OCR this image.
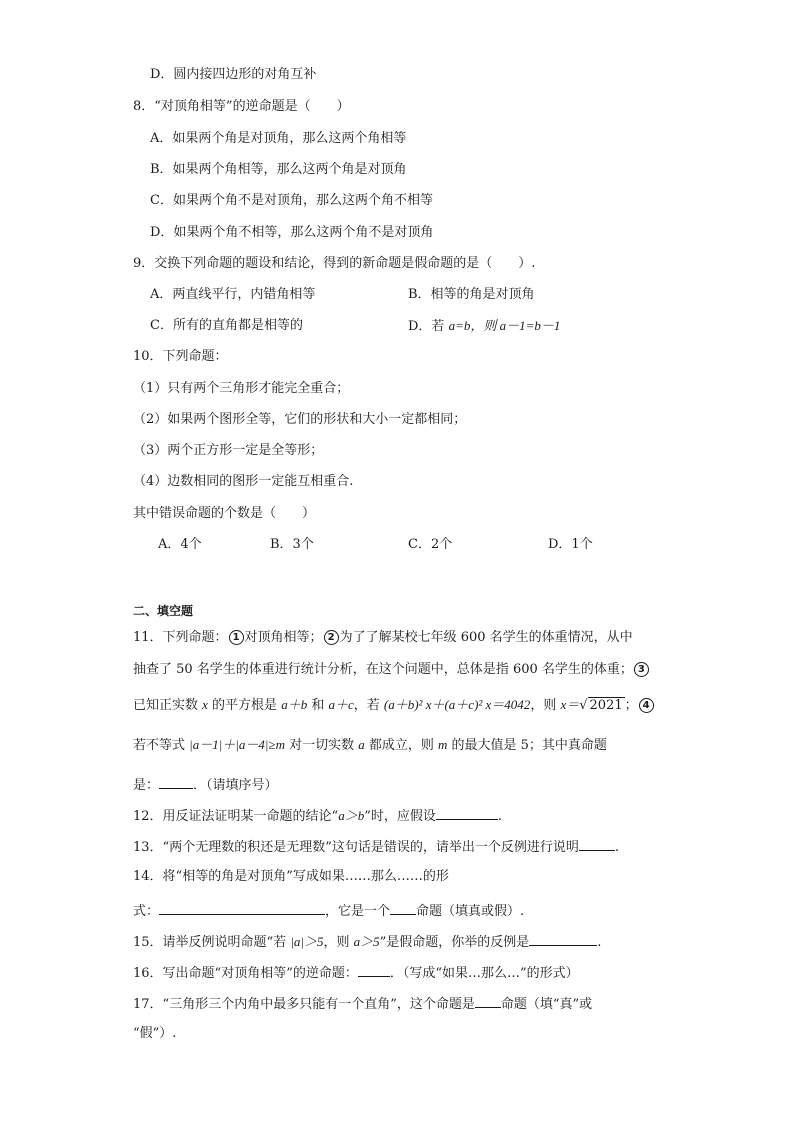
D．圆内接四边形的对角互补
8．“对顶角相等”的逆命题是（　　）
A．如果两个角是对顶角，那么这两个角相等
B．如果两个角相等，那么这两个角是对顶角
C．如果两个角不是对顶角，那么这两个角不相等
D．如果两个角不相等，那么这两个角不是对顶角
9．交换下列命题的题设和结论，得到的新命题是假命题的是（　　）.
A．两直线平行，内错角相等	B．相等的角是对顶角
C．所有的直角都是相等的	D．若 a=b，则 a－1=b－1
10．下列命题：
（1）只有两个三角形才能完全重合；
（2）如果两个图形全等，它们的形状和大小一定都相同；
（3）两个正方形一定是全等形；
（4）边数相同的图形一定能互相重合.
其中错误命题的个数是（　　）
A．4个	B．3个	C．2个	D．1个
二、填空题
11．下列命题： 1 对顶角相等； 2 为了了解某校七年级 600 名学生的体重情况，从中
抽查了 50 名学生的体重进行统计分析，在这个问题中，总体是指 600 名学生的体重； 3
已知正实数 x 的平方根是 a＋b 和 a＋c，若 (a＋b)² x＋(a＋c)² x＝4042，则 x＝√ 2021 ； 4
若不等式 |a－1|＋|a－4|≥m 对一切实数 a 都成立，则 m 的最大值是 5；其中真命题
是：	．（请填序号）
12．用反证法证明某一命题的结论“a＞b”时，应假设	.
13．“两个无理数的积还是无理数”这句话是错误的，请举出一个反例进行说明	.
14．将“相等的角是对顶角”写成如果……那么……的形
式：	，它是一个 命题（填真或假）.
15．请举反例说明命题“若 |a|＞5，则 a＞5”是假命题，你举的反例是	.
16．写出命题“对顶角相等”的逆命题： ．（写成“如果…那么…”的形式）
17．“三角形三个内角中最多只能有一个直角”，这个命题是 命题（填“真”或
“假”）.
